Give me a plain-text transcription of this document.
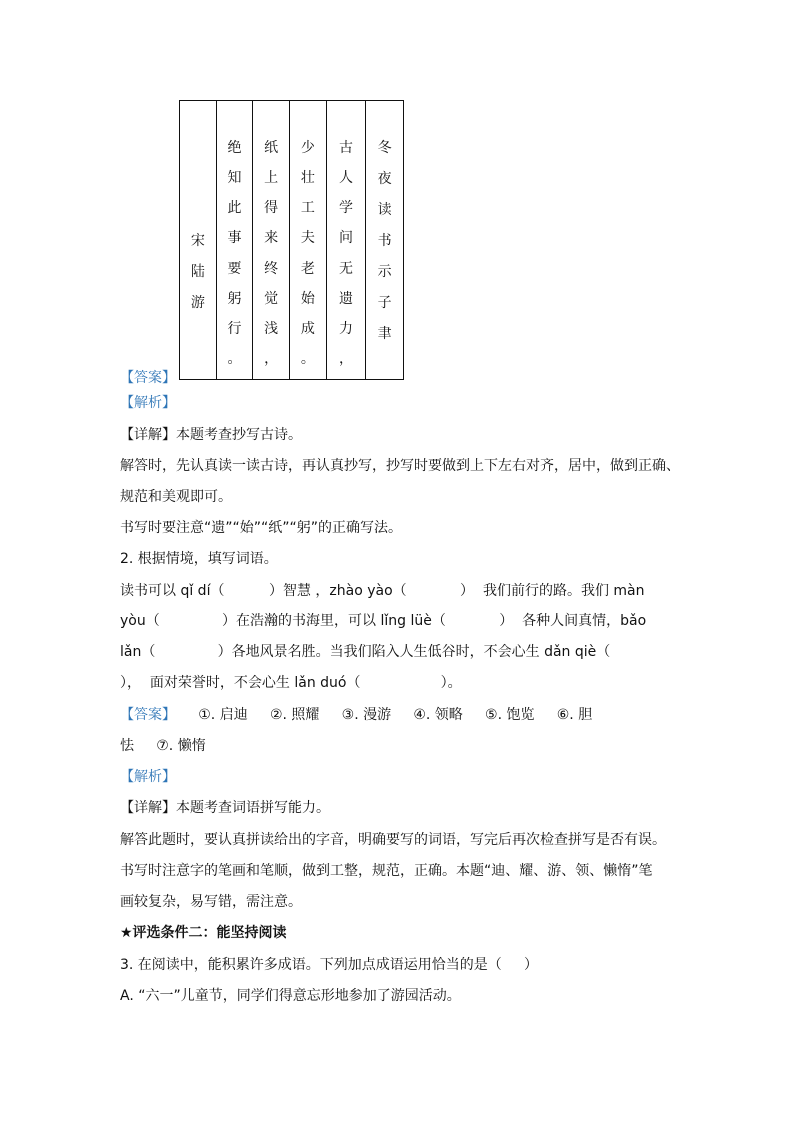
宋
陆
游
绝
知
此
事
要
躬
行
。
纸
上
得
来
终
觉
浅
，
少
壮
工
夫
老
始
成
。
古
人
学
问
无
遗
力
，
冬
夜
读
书
示
子
聿
【答案】
【解析】
【详解】本题考查抄写古诗。
解答时，先认真读一读古诗，再认真抄写，抄写时要做到上下左右对齐，居中，做到正确、
规范和美观即可。
书写时要注意“遗”“始”“纸”“躬”的正确写法。
2. 根据情境，填写词语。
读书可以 qǐ dí（          ）智慧 ，zhào yào（            ）  我们前行的路。我们 màn
yòu（              ）在浩瀚的书海里，可以 lǐng lüè（            ）  各种人间真情，bǎo
lǎn（              ）各地风景名胜。当我们陷入人生低谷时，不会心生 dǎn qiè（
），  面对荣誉时，不会心生 lǎn duó（                  ）。
【答案】     ①. 启迪     ②. 照耀     ③. 漫游     ④. 领略     ⑤. 饱览     ⑥. 胆
怯     ⑦. 懒惰
【解析】
【详解】本题考查词语拼写能力。
解答此题时，要认真拼读给出的字音，明确要写的词语，写完后再次检查拼写是否有误。
书写时注意字的笔画和笔顺，做到工整，规范，正确。本题“迪、耀、游、领、懒惰”笔
画较复杂，易写错，需注意。
★评选条件二：能坚持阅读
3. 在阅读中，能积累许多成语。下列加点成语运用恰当的是（     ）
A. “六一”儿童节，同学们得意忘形地参加了游园活动。
